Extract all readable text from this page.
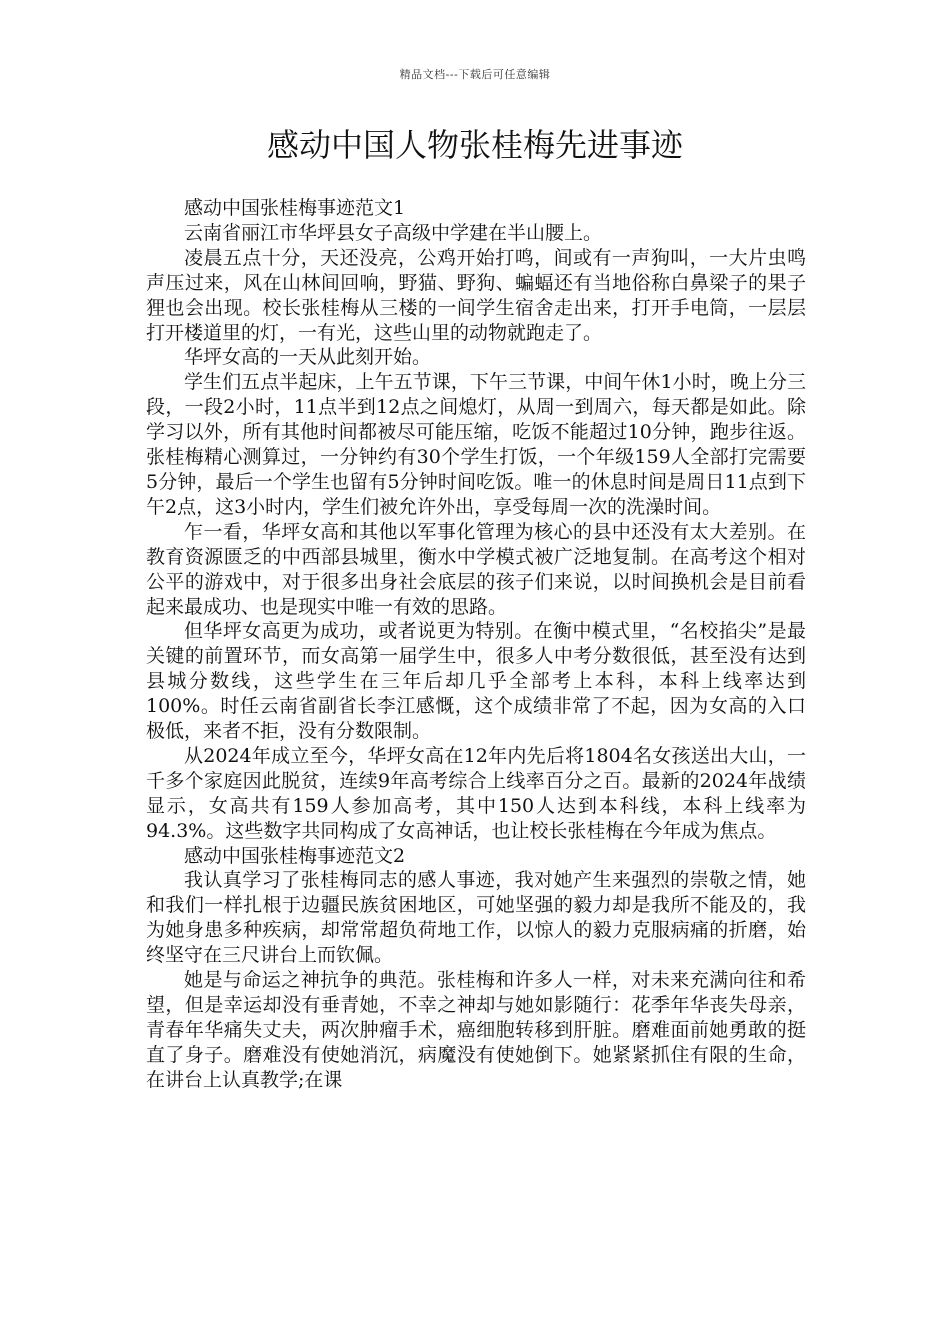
精品文档---下载后可任意编辑
感动中国人物张桂梅先进事迹

感动中国张桂梅事迹范文1

云南省丽江市华坪县女子高级中学建在半山腰上。

凌晨五点十分，天还没亮，公鸡开始打鸣，间或有一声狗叫，一大片虫鸣声压过来，风在山林间回响，野猫、野狗、蝙蝠还有当地俗称白鼻梁子的果子狸也会出现。校长张桂梅从三楼的一间学生宿舍走出来，打开手电筒，一层层打开楼道里的灯，一有光，这些山里的动物就跑走了。

华坪女高的一天从此刻开始。

学生们五点半起床，上午五节课，下午三节课，中间午休1小时，晚上分三段，一段2小时，11点半到12点之间熄灯，从周一到周六，每天都是如此。除学习以外，所有其他时间都被尽可能压缩，吃饭不能超过10分钟，跑步往返。张桂梅精心测算过，一分钟约有30个学生打饭，一个年级159人全部打完需要5分钟，最后一个学生也留有5分钟时间吃饭。唯一的休息时间是周日11点到下午2点，这3小时内，学生们被允许外出，享受每周一次的洗澡时间。

乍一看，华坪女高和其他以军事化管理为核心的县中还没有太大差别。在教育资源匮乏的中西部县城里，衡水中学模式被广泛地复制。在高考这个相对公平的游戏中，对于很多出身社会底层的孩子们来说，以时间换机会是目前看起来最成功、也是现实中唯一有效的思路。

但华坪女高更为成功，或者说更为特别。在衡中模式里，“名校掐尖”是最关键的前置环节，而女高第一届学生中，很多人中考分数很低，甚至没有达到县城分数线，这些学生在三年后却几乎全部考上本科，本科上线率达到100%。时任云南省副省长李江感慨，这个成绩非常了不起，因为女高的入口极低，来者不拒，没有分数限制。

从2024年成立至今，华坪女高在12年内先后将1804名女孩送出大山，一千多个家庭因此脱贫，连续9年高考综合上线率百分之百。最新的2024年战绩显示，女高共有159人参加高考，其中150人达到本科线，本科上线率为94.3%。这些数字共同构成了女高神话，也让校长张桂梅在今年成为焦点。

感动中国张桂梅事迹范文2

我认真学习了张桂梅同志的感人事迹，我对她产生来强烈的崇敬之情，她和我们一样扎根于边疆民族贫困地区，可她坚强的毅力却是我所不能及的，我为她身患多种疾病，却常常超负荷地工作，以惊人的毅力克服病痛的折磨，始终坚守在三尺讲台上而钦佩。

她是与命运之神抗争的典范。张桂梅和许多人一样，对未来充满向往和希望，但是幸运却没有垂青她，不幸之神却与她如影随行：花季年华丧失母亲，青春年华痛失丈夫，两次肿瘤手术，癌细胞转移到肝脏。磨难面前她勇敢的挺直了身子。磨难没有使她消沉，病魔没有使她倒下。她紧紧抓住有限的生命，在讲台上认真教学;在课
